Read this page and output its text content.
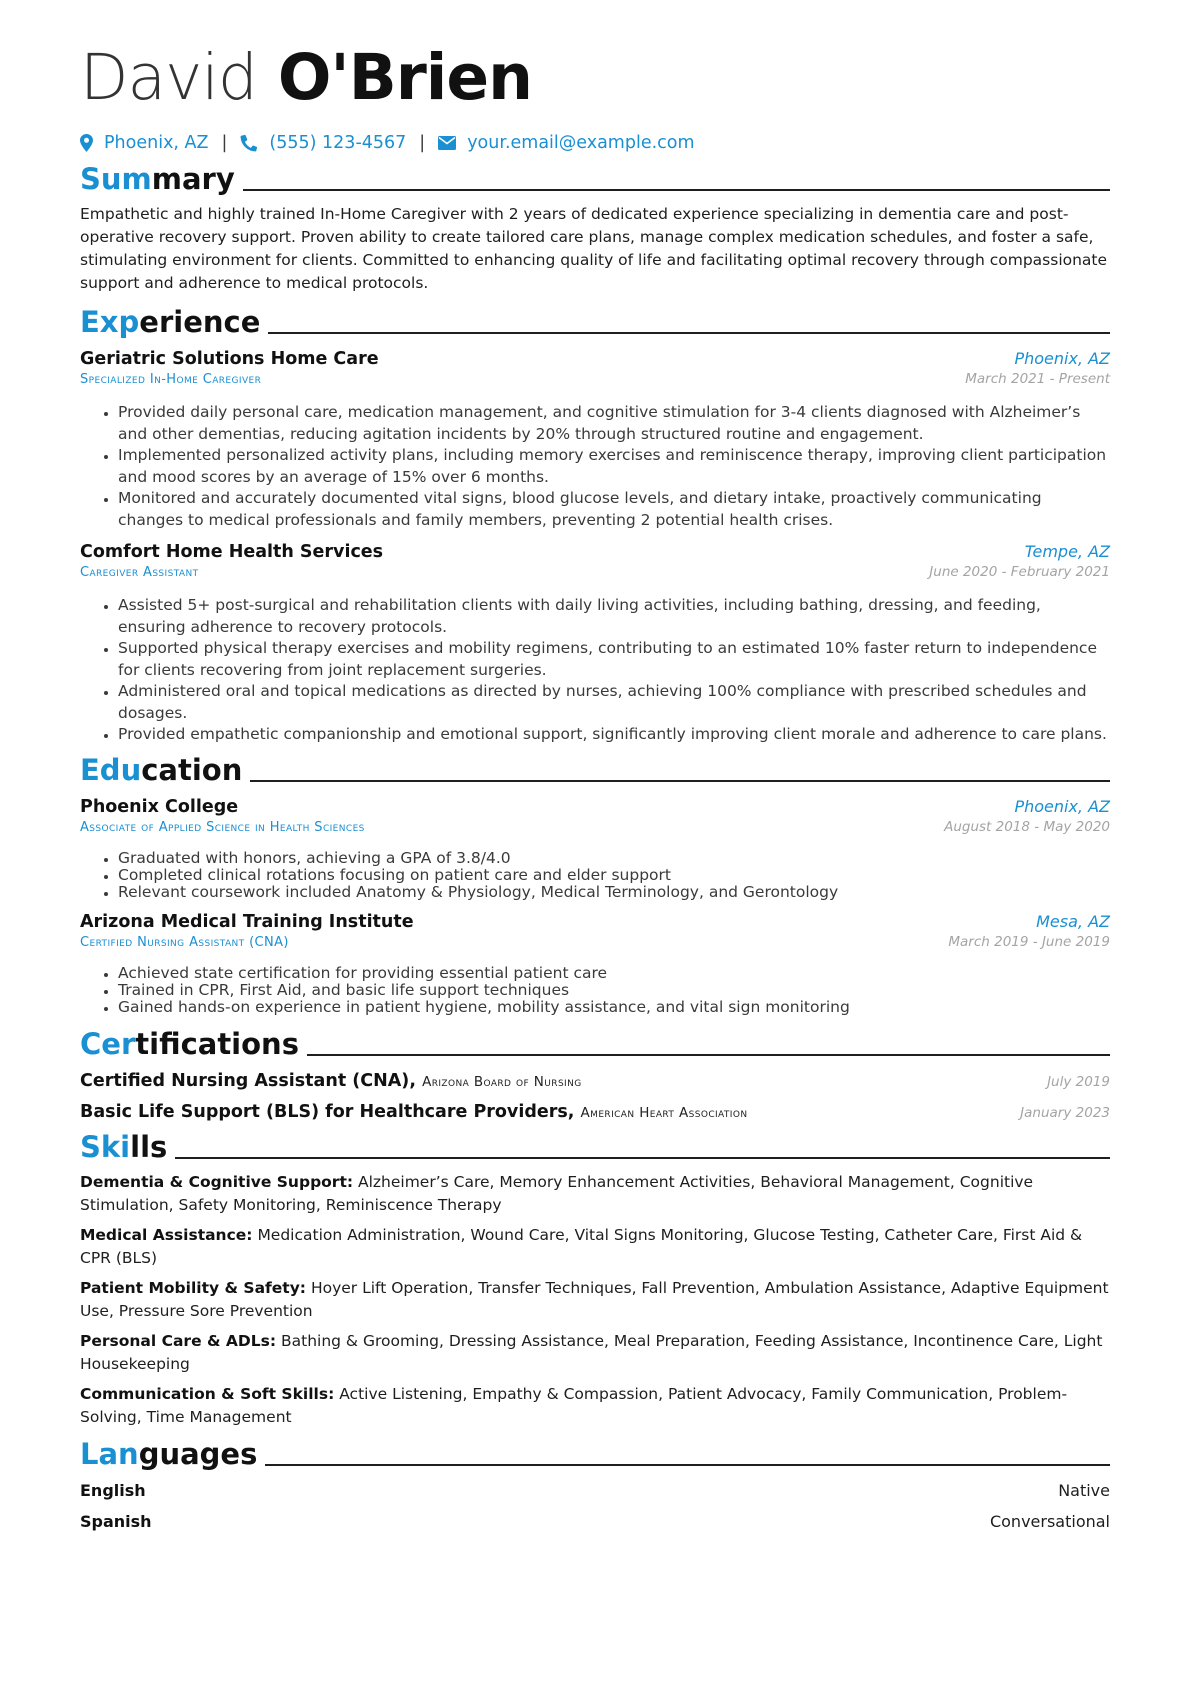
David O'Brien
Phoenix, AZ | (555) 123-4567 | your.email@example.com
Sum mary

Empathetic and highly trained In-Home Caregiver with 2 years of dedicated experience specializing in dementia care and post-operative recovery support. Proven ability to create tailored care plans, manage complex medication schedules, and foster a safe, stimulating environment for clients. Committed to enhancing quality of life and facilitating optimal recovery through compassionate support and adherence to medical protocols.

Exp erience
Geriatric Solutions Home Care	Phoenix, AZ
Specialized In-Home Caregiver	March 2021 - Present
• Provided daily personal care, medication management, and cognitive stimulation for 3-4 clients diagnosed with Alzheimer’s and other dementias, reducing agitation incidents by 20% through structured routine and engagement.
• Implemented personalized activity plans, including memory exercises and reminiscence therapy, improving client participation and mood scores by an average of 15% over 6 months.
• Monitored and accurately documented vital signs, blood glucose levels, and dietary intake, proactively communicating changes to medical professionals and family members, preventing 2 potential health crises.
Comfort Home Health Services	Tempe, AZ
Caregiver Assistant	June 2020 - February 2021
• Assisted 5+ post-surgical and rehabilitation clients with daily living activities, including bathing, dressing, and feeding, ensuring adherence to recovery protocols.
• Supported physical therapy exercises and mobility regimens, contributing to an estimated 10% faster return to independence for clients recovering from joint replacement surgeries.
• Administered oral and topical medications as directed by nurses, achieving 100% compliance with prescribed schedules and dosages.
• Provided empathetic companionship and emotional support, significantly improving client morale and adherence to care plans.
Edu cation
Phoenix College	Phoenix, AZ
Associate of Applied Science in Health Sciences	August 2018 - May 2020
• Graduated with honors, achieving a GPA of 3.8/4.0
• Completed clinical rotations focusing on patient care and elder support
• Relevant coursework included Anatomy & Physiology, Medical Terminology, and Gerontology
Arizona Medical Training Institute	Mesa, AZ
Certified Nursing Assistant (CNA)	March 2019 - June 2019
• Achieved state certification for providing essential patient care
• Trained in CPR, First Aid, and basic life support techniques
• Gained hands-on experience in patient hygiene, mobility assistance, and vital sign monitoring
Cer tifications
Certified Nursing Assistant (CNA), Arizona Board of Nursing	July 2019
Basic Life Support (BLS) for Healthcare Providers, American Heart Association	January 2023
Ski lls
Dementia & Cognitive Support: Alzheimer’s Care, Memory Enhancement Activities, Behavioral Management, Cognitive Stimulation, Safety Monitoring, Reminiscence Therapy
Medical Assistance: Medication Administration, Wound Care, Vital Signs Monitoring, Glucose Testing, Catheter Care, First Aid & CPR (BLS)
Patient Mobility & Safety: Hoyer Lift Operation, Transfer Techniques, Fall Prevention, Ambulation Assistance, Adaptive Equipment Use, Pressure Sore Prevention
Personal Care & ADLs: Bathing & Grooming, Dressing Assistance, Meal Preparation, Feeding Assistance, Incontinence Care, Light Housekeeping
Communication & Soft Skills: Active Listening, Empathy & Compassion, Patient Advocacy, Family Communication, Problem-Solving, Time Management
Lan guages
English	Native
Spanish	Conversational
